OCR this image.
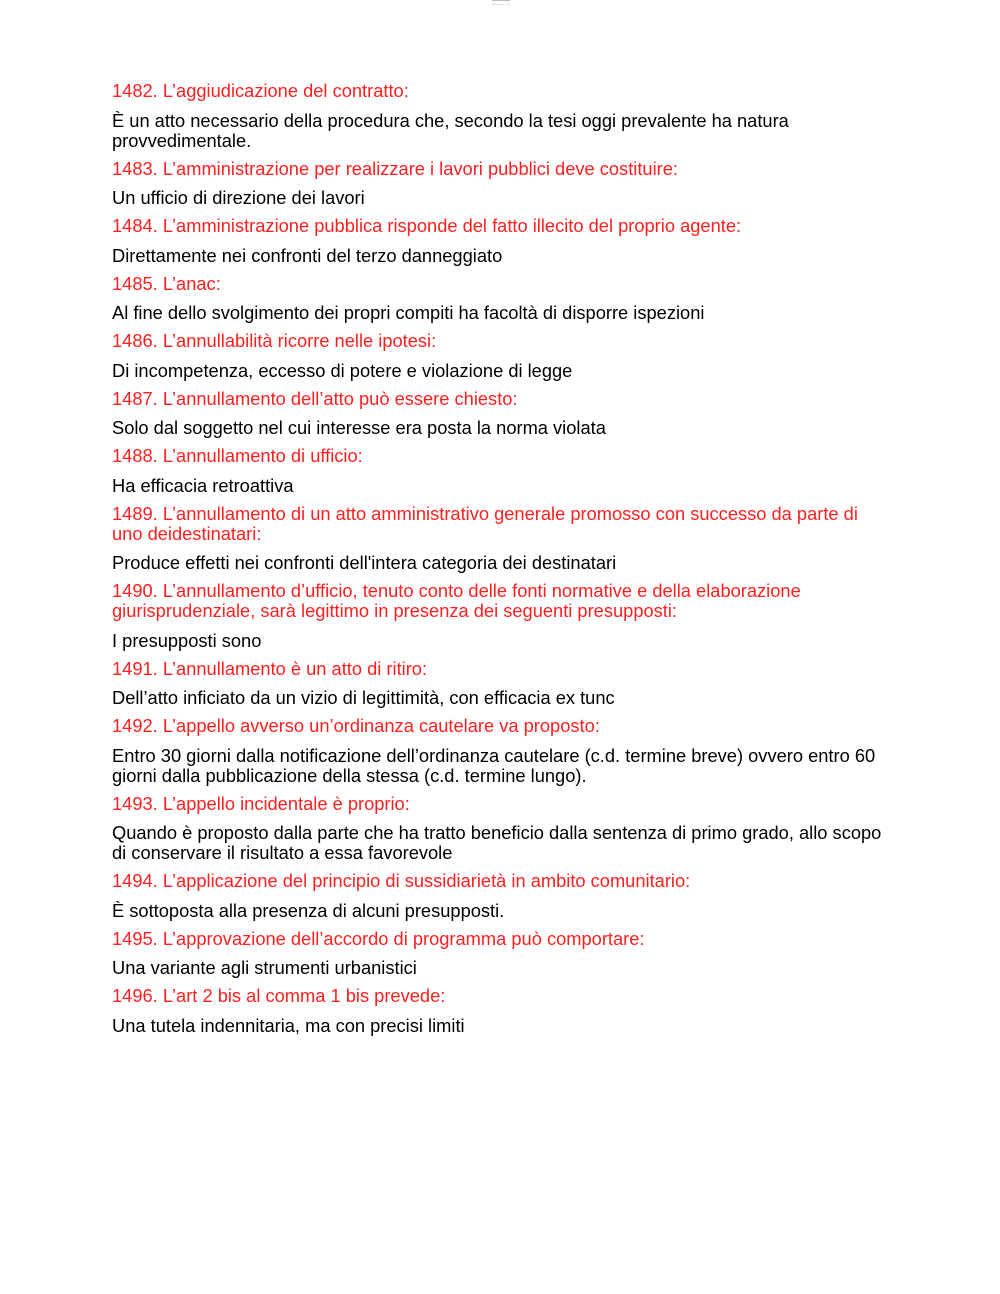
1482. L’aggiudicazione del contratto:

È un atto necessario della procedura che, secondo la tesi oggi prevalente ha natura provvedimentale.

1483. L’amministrazione per realizzare i lavori pubblici deve costituire:

Un ufficio di direzione dei lavori

1484. L’amministrazione pubblica risponde del fatto illecito del proprio agente:

Direttamente nei confronti del terzo danneggiato

1485. L’anac:

Al fine dello svolgimento dei propri compiti ha facoltà di disporre ispezioni

1486. L’annullabilità ricorre nelle ipotesi:

Di incompetenza, eccesso di potere e violazione di legge

1487. L’annullamento dell’atto può essere chiesto:

Solo dal soggetto nel cui interesse era posta la norma violata

1488. L’annullamento di ufficio:

Ha efficacia retroattiva

1489. L’annullamento di un atto amministrativo generale promosso con successo da parte di uno deidestinatari:

Produce effetti nei confronti dell'intera categoria dei destinatari

1490. L’annullamento d’ufficio, tenuto conto delle fonti normative e della elaborazione giurisprudenziale, sarà legittimo in presenza dei seguenti presupposti:

I presupposti sono

1491. L’annullamento è un atto di ritiro:

Dell’atto inficiato da un vizio di legittimità, con efficacia ex tunc

1492. L’appello avverso un’ordinanza cautelare va proposto:

Entro 30 giorni dalla notificazione dell’ordinanza cautelare (c.d. termine breve) ovvero entro 60 giorni dalla pubblicazione della stessa (c.d. termine lungo).

1493. L’appello incidentale è proprio:

Quando è proposto dalla parte che ha tratto beneficio dalla sentenza di primo grado, allo scopo di conservare il risultato a essa favorevole

1494. L’applicazione del principio di sussidiarietà in ambito comunitario:

È sottoposta alla presenza di alcuni presupposti.

1495. L’approvazione dell’accordo di programma può comportare:

Una variante agli strumenti urbanistici

1496. L’art 2 bis al comma 1 bis prevede:

Una tutela indennitaria, ma con precisi limiti
